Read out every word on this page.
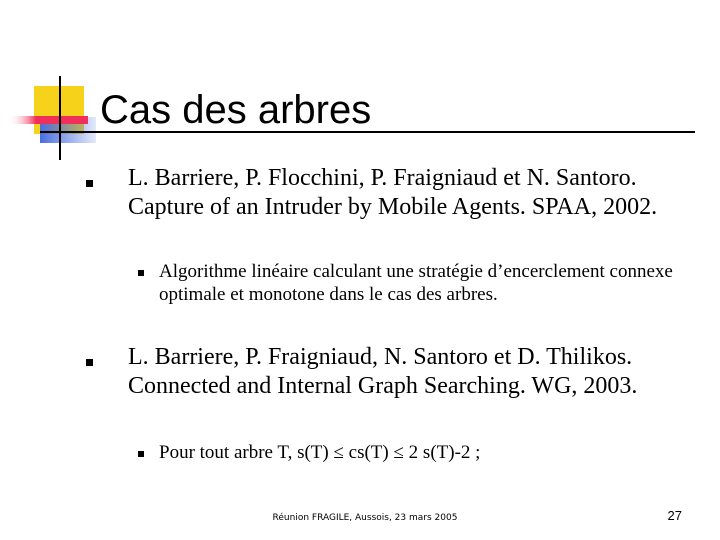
Cas des arbres
L. Barriere, P. Flocchini, P. Fraigniaud et N. Santoro. Capture of an Intruder by Mobile Agents. SPAA, 2002.
Algorithme linéaire calculant une stratégie d’encerclement connexe optimale et monotone dans le cas des arbres.
L. Barriere, P. Fraigniaud, N. Santoro et D. Thilikos. Connected and Internal Graph Searching. WG, 2003.
Pour tout arbre T, s(T) ≤ cs(T) ≤ 2 s(T)-2 ;
Réunion FRAGILE, Aussois, 23 mars 2005	27
